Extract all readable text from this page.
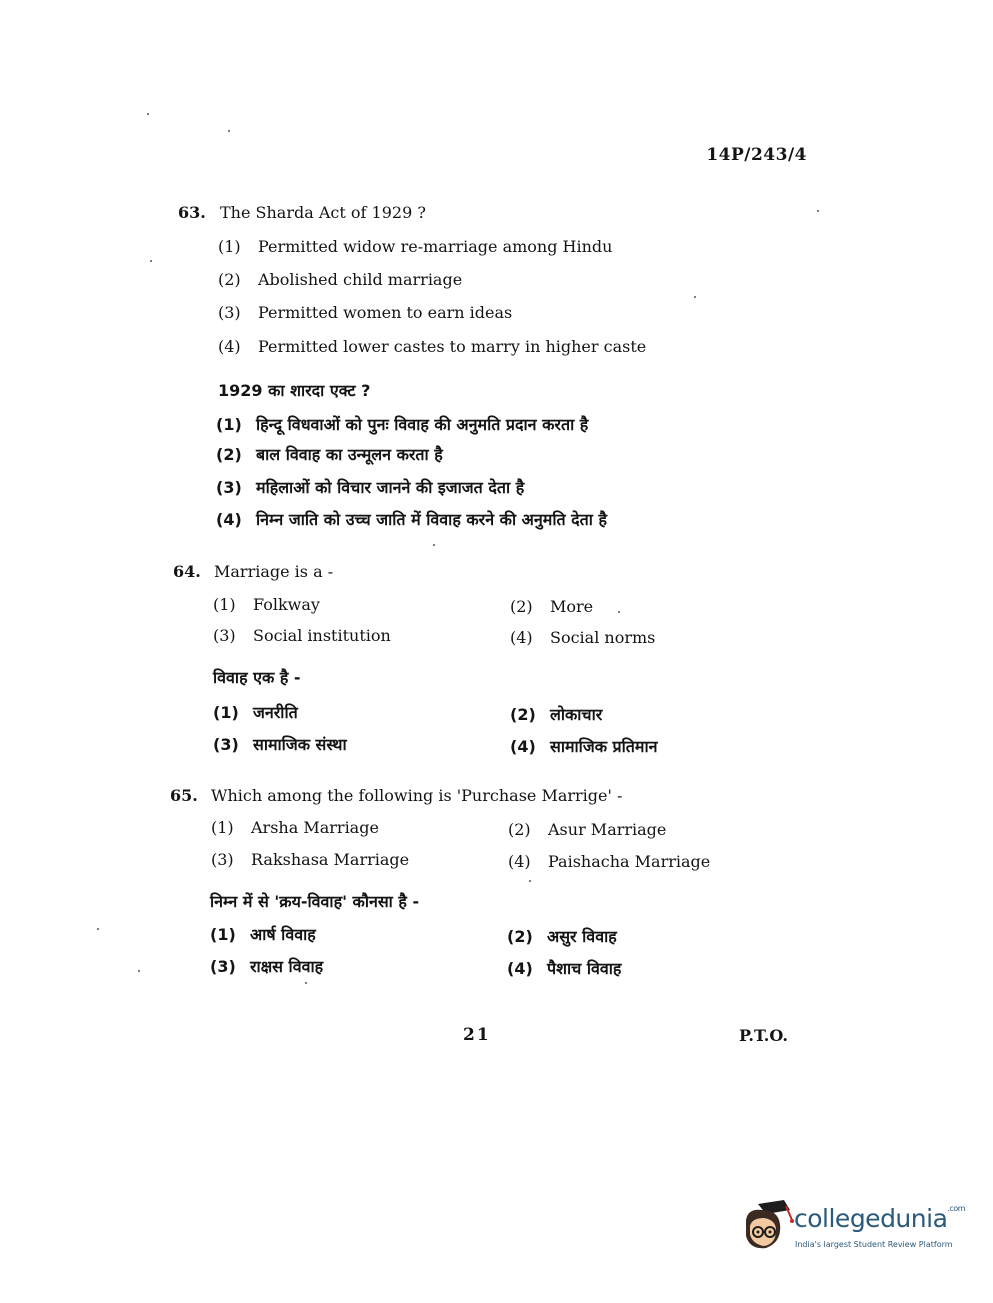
14P/243/4
63. The Sharda Act of 1929 ?
(1) Permitted widow re-marriage among Hindu
(2) Abolished child marriage
(3) Permitted women to earn ideas
(4) Permitted lower castes to marry in higher caste
1929 का शारदा एक्ट ?
(1) हिन्दू विधवाओं को पुनः विवाह की अनुमति प्रदान करता है
(2) बाल विवाह का उन्मूलन करता है
(3) महिलाओं को विचार जानने की इजाजत देता है
(4) निम्न जाति को उच्च जाति में विवाह करने की अनुमति देता है
64. Marriage is a -
(1) Folkway	(2) More
(3) Social institution	(4) Social norms
विवाह एक है -
(1) जनरीति	(2) लोकाचार
(3) सामाजिक संस्था	(4) सामाजिक प्रतिमान
65. Which among the following is 'Purchase Marrige' -
(1) Arsha Marriage	(2) Asur Marriage
(3) Rakshasa Marriage	(4) Paishacha Marriage
निम्न में से 'क्रय-विवाह' कौनसा है -
(1) आर्ष विवाह	(2) असुर विवाह
(3) राक्षस विवाह	(4) पैशाच विवाह
21	P.T.O.
collegedunia$^{.com}$
India's largest Student Review Platform
